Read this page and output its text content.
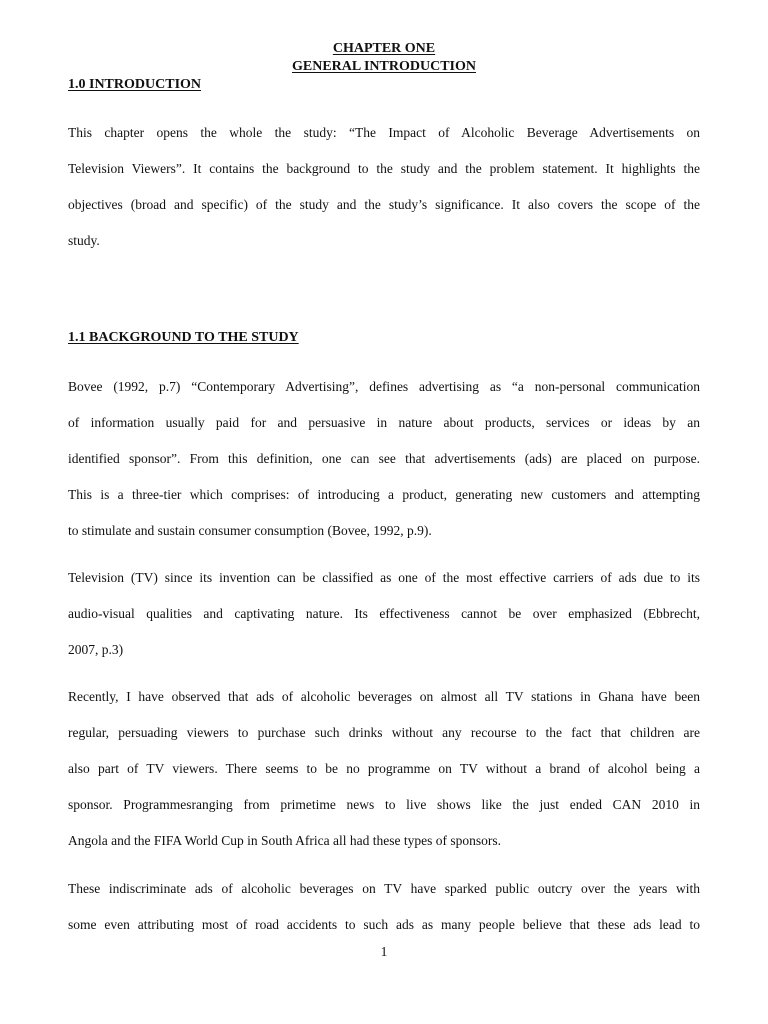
CHAPTER ONE
GENERAL INTRODUCTION
1.0 INTRODUCTION
This chapter opens the whole the study: “The Impact of Alcoholic Beverage Advertisements on
Television Viewers”. It contains the background to the study and the problem statement. It highlights the
objectives (broad and specific) of the study and the study’s significance. It also covers the scope of the
study.
1.1 BACKGROUND TO THE STUDY
Bovee (1992, p.7) “Contemporary Advertising”, defines advertising as “a non-personal communication
of information usually paid for and persuasive in nature about products, services or ideas by an
identified sponsor”. From this definition, one can see that advertisements (ads) are placed on purpose.
This is a three-tier which comprises: of introducing a product, generating new customers and attempting
to stimulate and sustain consumer consumption (Bovee, 1992, p.9).
Television (TV) since its invention can be classified as one of the most effective carriers of ads due to its
audio-visual qualities and captivating nature. Its effectiveness cannot be over emphasized (Ebbrecht,
2007, p.3)
Recently, I have observed that ads of alcoholic beverages on almost all TV stations in Ghana have been
regular, persuading viewers to purchase such drinks without any recourse to the fact that children are
also part of TV viewers. There seems to be no programme on TV without a brand of alcohol being a
sponsor. Programmesranging from primetime news to live shows like the just ended CAN 2010 in
Angola and the FIFA World Cup in South Africa all had these types of sponsors.
These indiscriminate ads of alcoholic beverages on TV have sparked public outcry over the years with
some even attributing most of road accidents to such ads as many people believe that these ads lead to
1
